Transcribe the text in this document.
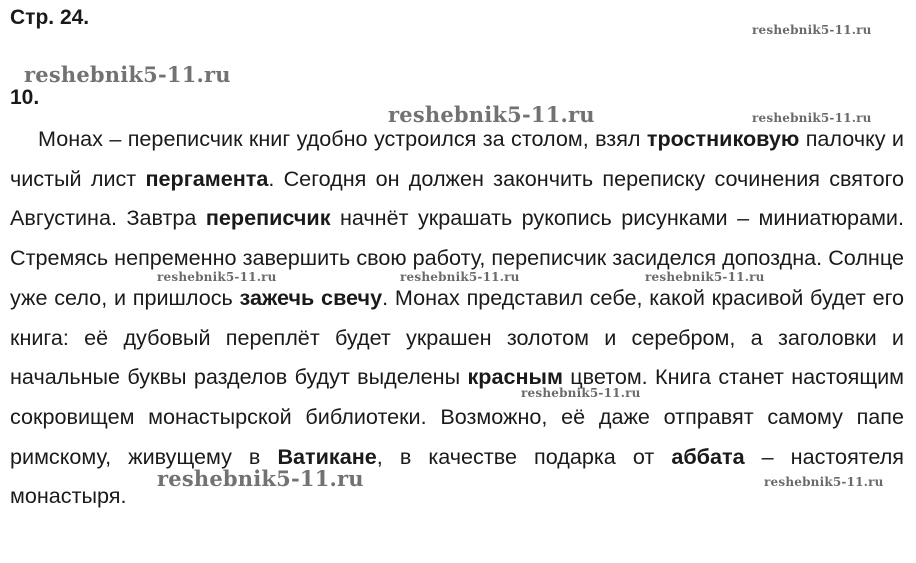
Стр. 24.
10.

Монах – переписчик книг удобно устроился за столом, взял тростниковую палочку и чистый лист пергамента. Сегодня он должен закончить переписку сочинения святого Августина. Завтра переписчик начнёт украшать рукопись рисунками – миниатюрами. Стремясь непременно завершить свою работу, переписчик засиделся допоздна. Солнце уже село, и пришлось зажечь свечу. Монах представил себе, какой красивой будет его книга: её дубовый переплёт будет украшен золотом и серебром, а заголовки и начальные буквы разделов будут выделены красным цветом. Книга станет настоящим сокровищем монастырской библиотеки. Возможно, её даже отправят самому папе римскому, живущему в Ватикане, в качестве подарка от аббата – настоятеля монастыря.

reshebnik5-11.ru
reshebnik5-11.ru
reshebnik5-11.ru	reshebnik5-11.ru
reshebnik5-11.ru	reshebnik5-11.ru	reshebnik5-11.ru
reshebnik5-11.ru
reshebnik5-11.ru	reshebnik5-11.ru
